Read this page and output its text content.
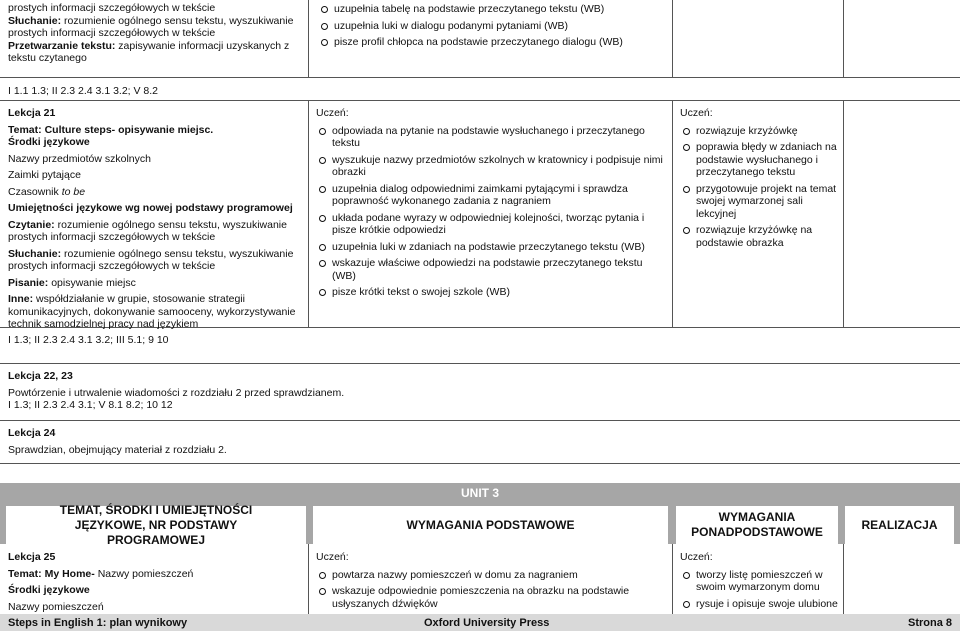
prostych informacji szczegółowych w tekście

Słuchanie: rozumienie ogólnego sensu tekstu, wyszukiwanie prostych informacji szczegółowych w tekście

Przetwarzanie tekstu: zapisywanie informacji uzyskanych z tekstu czytanego

uzupełnia tabelę na podstawie przeczytanego tekstu (WB)
uzupełnia luki w dialogu podanymi pytaniami (WB)
pisze profil chłopca na podstawie przeczytanego dialogu (WB)

I 1.1 1.3; II 2.3 2.4 3.1 3.2; V 8.2

Lekcja 21

Temat: Culture steps- opisywanie miejsc.

Środki językowe

Nazwy przedmiotów szkolnych

Zaimki pytające

Czasownik to be

Umiejętności językowe wg nowej podstawy programowej

Czytanie: rozumienie ogólnego sensu tekstu, wyszukiwanie prostych informacji szczegółowych w tekście

Słuchanie: rozumienie ogólnego sensu tekstu, wyszukiwanie prostych informacji szczegółowych w tekście

Pisanie: opisywanie miejsc

Inne: współdziałanie w grupie, stosowanie strategii komunikacyjnych, dokonywanie samooceny, wykorzystywanie technik samodzielnej pracy nad językiem

Uczeń:

odpowiada na pytanie na podstawie wysłuchanego i przeczytanego tekstu
wyszukuje nazwy przedmiotów szkolnych w kratownicy i podpisuje nimi obrazki
uzupełnia dialog odpowiednimi zaimkami pytającymi i sprawdza poprawność wykonanego zadania z nagraniem
układa podane wyrazy w odpowiedniej kolejności, tworząc pytania i pisze krótkie odpowiedzi
uzupełnia luki w zdaniach na podstawie przeczytanego tekstu (WB)
wskazuje właściwe odpowiedzi na podstawie przeczytanego tekstu (WB)
pisze krótki tekst o swojej szkole (WB)

Uczeń:

rozwiązuje krzyżówkę
poprawia błędy w zdaniach na podstawie wysłuchanego i przeczytanego tekstu
przygotowuje projekt na temat swojej wymarzonej sali lekcyjnej
rozwiązuje krzyżówkę na podstawie obrazka

I 1.3; II 2.3 2.4 3.1 3.2; III 5.1; 9 10

Lekcja 22, 23

Powtórzenie i utrwalenie wiadomości z rozdziału 2 przed sprawdzianem.

I 1.3; II 2.3 2.4 3.1; V 8.1 8.2; 10 12

Lekcja 24

Sprawdzian, obejmujący materiał z rozdziału 2.

UNIT 3
TEMAT, ŚRODKI I UMIEJĘTNOŚCI JĘZYKOWE, NR PODSTAWY PROGRAMOWEJ
WYMAGANIA PODSTAWOWE
WYMAGANIA PONADPODSTAWOWE
REALIZACJA

Lekcja 25

Temat: My Home- Nazwy pomieszczeń

Środki językowe

Nazwy pomieszczeń

Uczeń:

powtarza nazwy pomieszczeń w domu za nagraniem
wskazuje odpowiednie pomieszczenia na obrazku na podstawie usłyszanych dźwięków

Uczeń:

tworzy listę pomieszczeń w swoim wymarzonym domu
rysuje i opisuje swoje ulubione
Steps in English 1: plan wynikowy	Oxford University Press	Strona 8
